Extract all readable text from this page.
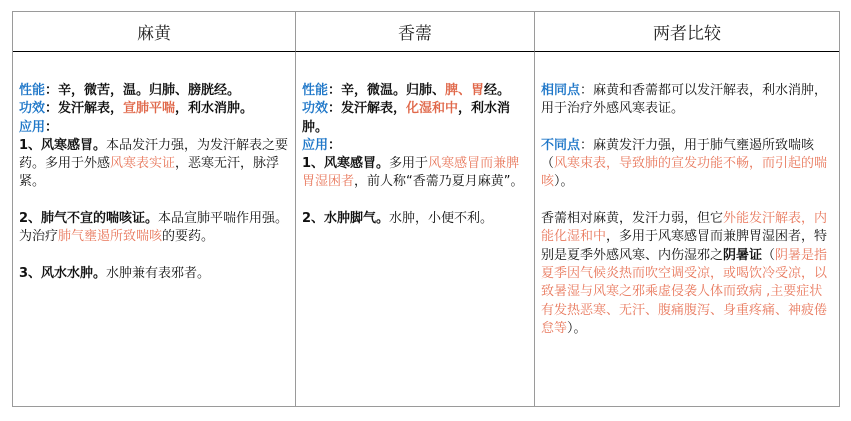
麻黄	香薷	两者比较

性能：辛，微苦，温。归肺、膀胱经。

功效：发汗解表，宣肺平喘，利水消肿。

应用：

1、风寒感冒。本品发汗力强，为发汗解表之要药。多用于外感风寒表实证，恶寒无汗，脉浮紧。

2、肺气不宣的喘咳证。本品宣肺平喘作用强。为治疗肺气壅遏所致喘咳的要药。

3、风水水肿。水肿兼有表邪者。

性能：辛，微温。归肺、脾、胃经。

功效：发汗解表，化湿和中，利水消肿。

应用：

1、风寒感冒。多用于风寒感冒而兼脾胃湿困者，前人称“香薷乃夏月麻黄”。

2、水肿脚气。水肿，小便不利。

相同点：麻黄和香薷都可以发汗解表，利水消肿，用于治疗外感风寒表证。

不同点：麻黄发汗力强，用于肺气壅遏所致喘咳（风寒束表，导致肺的宣发功能不畅，而引起的喘咳）。

香薷相对麻黄，发汗力弱，但它外能发汗解表，内能化湿和中，多用于风寒感冒而兼脾胃湿困者，特别是夏季外感风寒、内伤湿邪之阴暑证（阴暑是指夏季因气候炎热而吹空调受凉，或喝饮冷受凉，以致暑湿与风寒之邪乘虚侵袭人体而致病 ,主要症状有发热恶寒、无汗、腹痛腹泻、身重疼痛、神疲倦怠等）。
